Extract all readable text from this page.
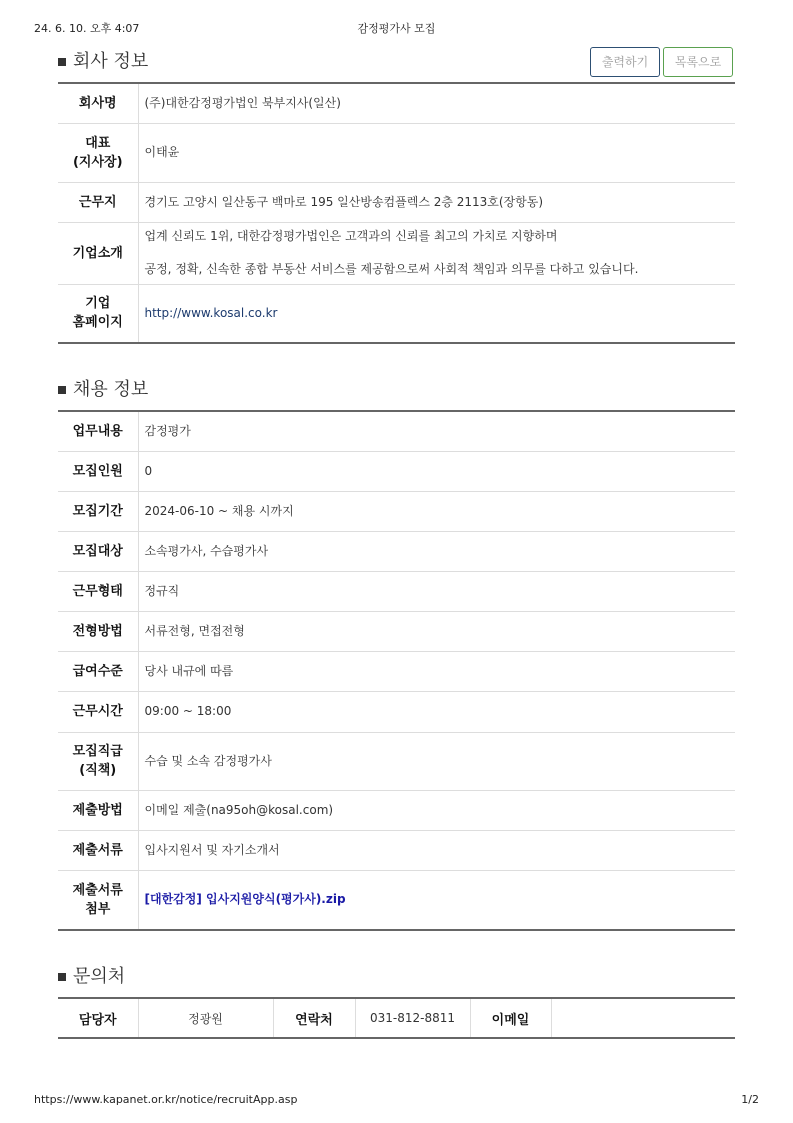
24. 6. 10. 오후 4:07	감정평가사 모집
회사 정보	출력하기	목록으로
회사명	(주)대한감정평가법인 북부지사(일산)
대표
(지사장)	이태윤
근무지	경기도 고양시 일산동구 백마로 195 일산방송컴플렉스 2층 2113호(장항동)
기업소개	업계 신뢰도 1위, 대한감정평가법인은 고객과의 신뢰를 최고의 가치로 지향하며

공정, 정확, 신속한 종합 부동산 서비스를 제공함으로써 사회적 책임과 의무를 다하고 있습니다.

기업
홈페이지	http://www.kosal.co.kr
채용 정보
업무내용	감정평가
모집인원	0
모집기간	2024-06-10 ~ 채용 시까지
모집대상	소속평가사, 수습평가사
근무형태	정규직
전형방법	서류전형, 면접전형
급여수준	당사 내규에 따름
근무시간	09:00 ~ 18:00
모집직급
(직책)	수습 및 소속 감정평가사
제출방법	이메일 제출(na95oh@kosal.com)
제출서류	입사지원서 및 자기소개서
제출서류
첨부	[대한감정] 입사지원양식(평가사).zip
문의처
담당자	정광원	연락처	031-812-8811	이메일	
https://www.kapanet.or.kr/notice/recruitApp.asp	1/2
